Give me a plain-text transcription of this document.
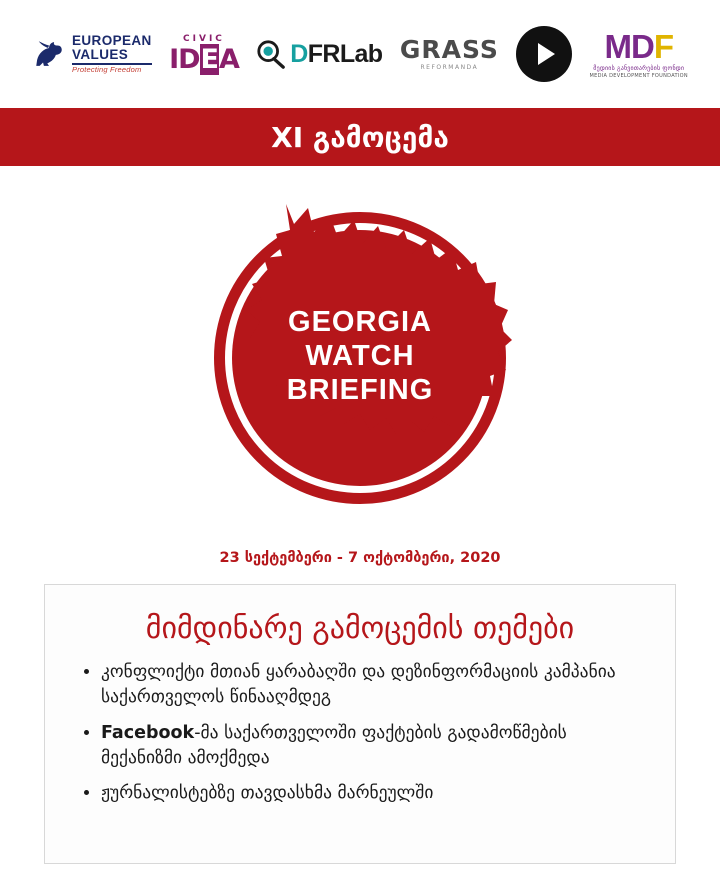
EUROPEAN
VALUES
Protecting Freedom
CIVIC
IDEA DFRLab GRASS
REFORMANDA
MDF
მედიის განვითარების ფონდი
MEDIA DEVELOPMENT FOUNDATION
XI გამოცემა
GEORGIA
WATCH
BRIEFING
23 სექტემბერი - 7 ოქტომბერი, 2020
მიმდინარე გამოცემის თემები
• კონფლიქტი მთიან ყარაბაღში და დეზინფორმაციის კამპანია საქართველოს წინააღმდეგ
• Facebook-მა საქართველოში ფაქტების გადამოწმების მექანიზმი ამოქმედა
• ჟურნალისტებზე თავდასხმა მარნეულში
